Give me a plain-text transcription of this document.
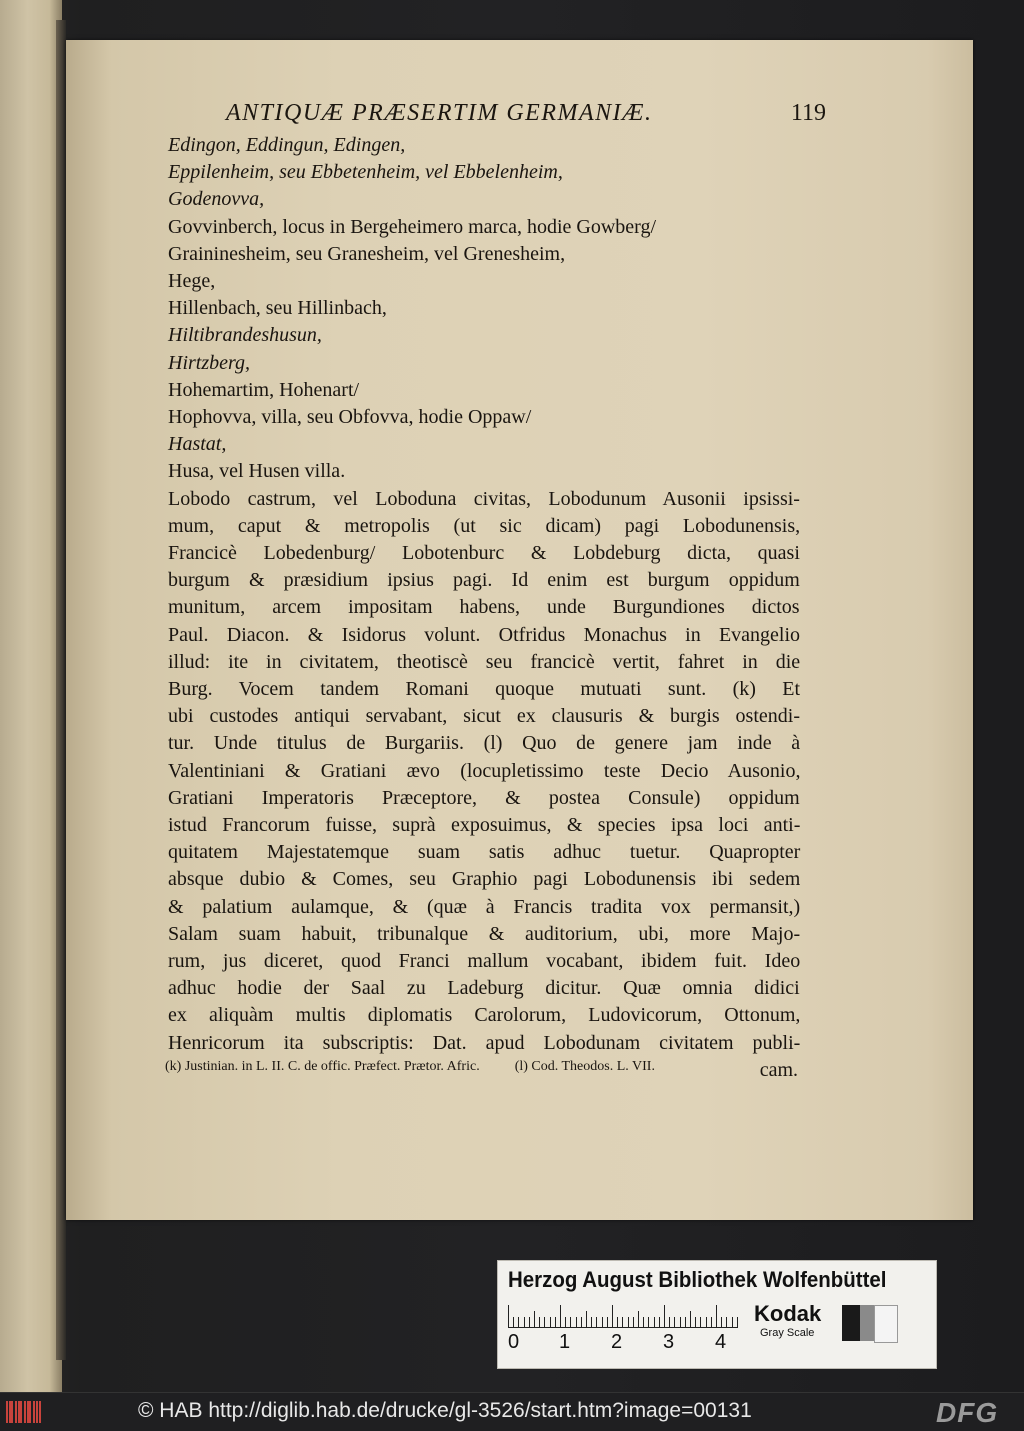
ANTIQUÆ PRÆSERTIM GERMANIÆ.	119
Edingon, Eddingun, Edingen,
Eppilenheim, seu Ebbetenheim, vel Ebbelenheim,
Godenovva,
Govvinberch, locus in Bergeheimero marca, hodie Gowberg/
Graininesheim, seu Granesheim, vel Grenesheim,
Hege,
Hillenbach, seu Hillinbach,
Hiltibrandeshusun,
Hirtzberg,
Hohemartim, Hohenart/
Hophovva, villa, seu Obfovva, hodie Oppaw/
Hastat,
Husa, vel Husen villa.
Lobodo castrum, vel Loboduna civitas, Lobodunum Ausonii ipsissi-
mum, caput & metropolis (ut sic dicam) pagi Lobodunensis,
Francicè Lobedenburg/ Lobotenburc & Lobdeburg dicta, quasi
burgum & præsidium ipsius pagi. Id enim est burgum oppidum
munitum, arcem impositam habens, unde Burgundiones dictos
Paul. Diacon. & Isidorus volunt. Otfridus Monachus in Evangelio
illud: ite in civitatem, theotiscè seu francicè vertit, fahret in die
Burg. Vocem tandem Romani quoque mutuati sunt. (k) Et
ubi custodes antiqui servabant, sicut ex clausuris & burgis ostendi-
tur. Unde titulus de Burgariis. (l) Quo de genere jam inde à
Valentiniani & Gratiani ævo (locupletissimo teste Decio Ausonio,
Gratiani Imperatoris Præceptore, & postea Consule) oppidum
istud Francorum fuisse, suprà exposuimus, & species ipsa loci anti-
quitatem Majestatemque suam satis adhuc tuetur. Quapropter
absque dubio & Comes, seu Graphio pagi Lobodunensis ibi sedem
& palatium aulamque, & (quæ à Francis tradita vox permansit,)
Salam suam habuit, tribunalque & auditorium, ubi, more Majo-
rum, jus diceret, quod Franci mallum vocabant, ibidem fuit. Ideo
adhuc hodie der Saal zu Ladeburg dicitur. Quæ omnia didici
ex aliquàm multis diplomatis Carolorum, Ludovicorum, Ottonum,
Henricorum ita subscriptis: Dat. apud Lobodunam civitatem publi-
cam.
(k) Justinian. in L. II. C. de offic. Præfect. Prætor. Afric.	(l) Cod. Theodos. L. VII.
Herzog August Bibliothek Wolfenbüttel
0 1 2 3 4
Kodak
Gray Scale
© HAB http://diglib.hab.de/drucke/gl-3526/start.htm?image=00131	DFG
